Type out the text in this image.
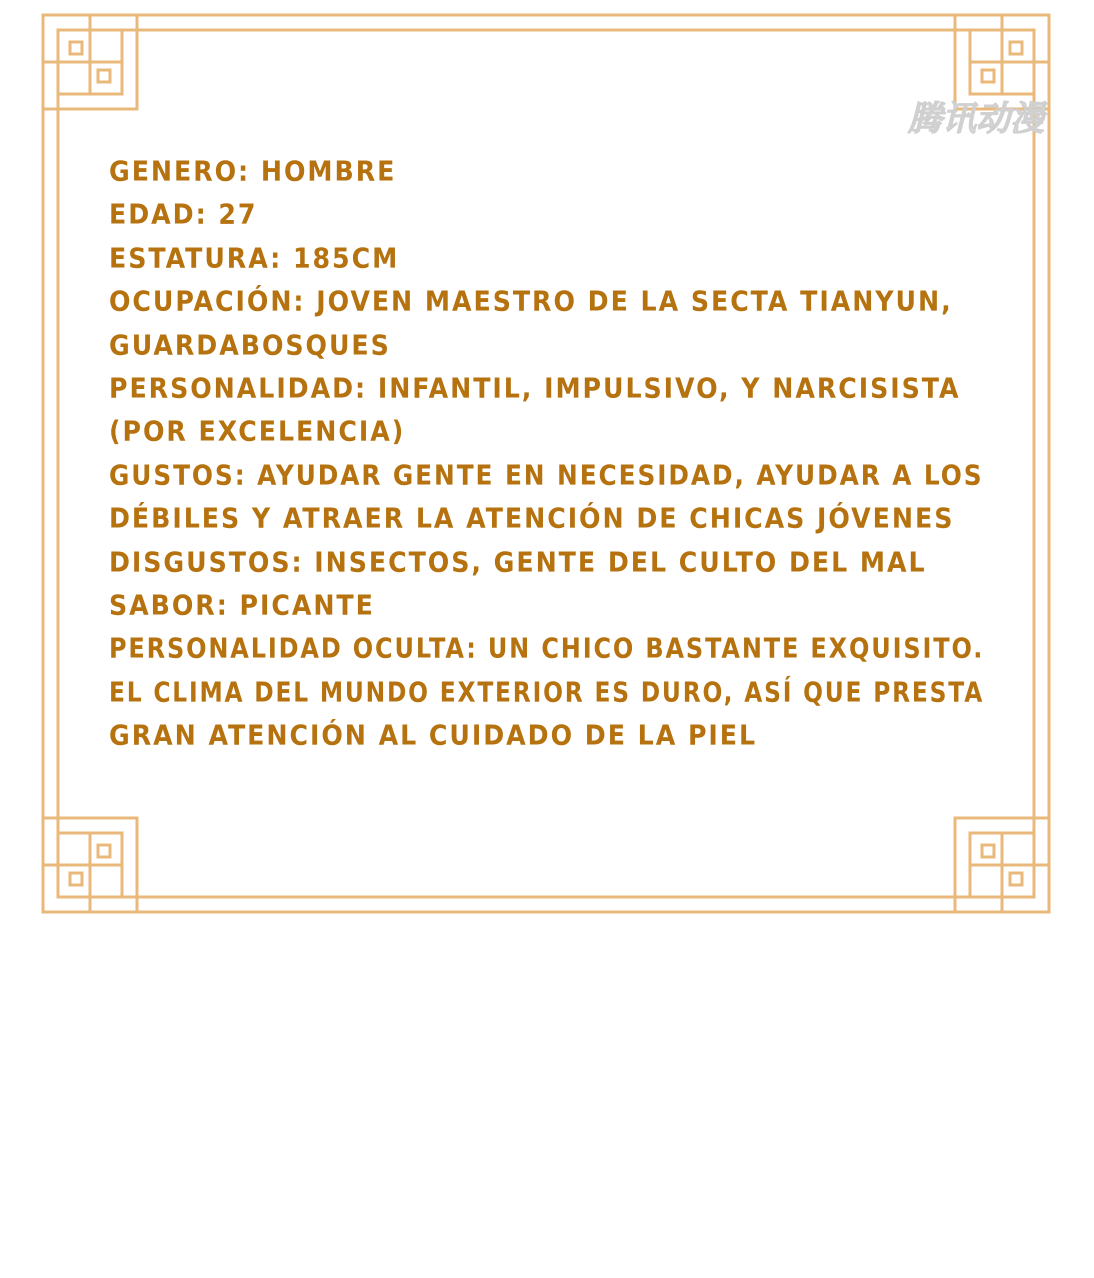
腾讯动漫
GENERO: HOMBRE
EDAD: 27
ESTATURA: 185CM
OCUPACIÓN: JOVEN MAESTRO DE LA SECTA TIANYUN,
GUARDABOSQUES
PERSONALIDAD: INFANTIL, IMPULSIVO, Y NARCISISTA
(POR EXCELENCIA)
GUSTOS: AYUDAR GENTE EN NECESIDAD, AYUDAR A LOS
DÉBILES Y ATRAER LA ATENCIÓN DE CHICAS JÓVENES
DISGUSTOS: INSECTOS, GENTE DEL CULTO DEL MAL
SABOR: PICANTE
PERSONALIDAD OCULTA: UN CHICO BASTANTE EXQUISITO.
EL CLIMA DEL MUNDO EXTERIOR ES DURO, ASÍ QUE PRESTA
GRAN ATENCIÓN AL CUIDADO DE LA PIEL
